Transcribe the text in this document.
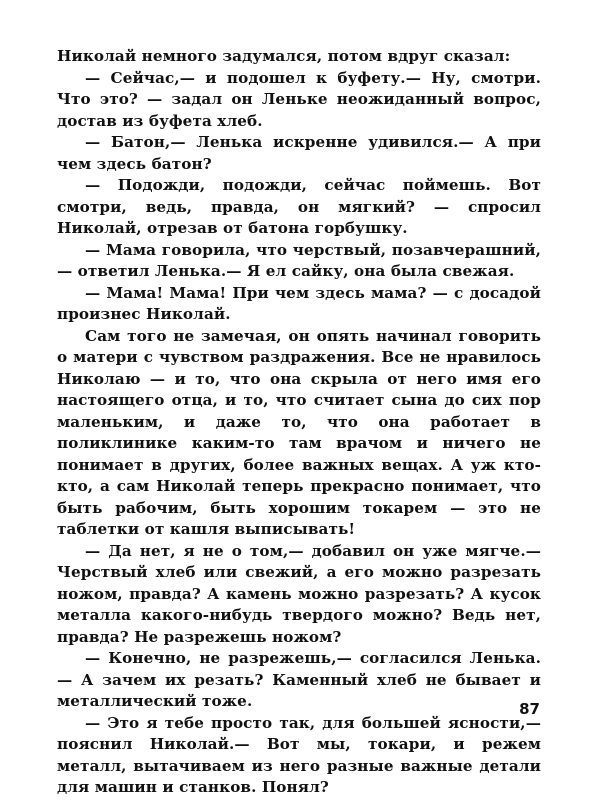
Николай немного задумался, потом вдруг сказал:

— Сейчас,— и подошел к буфету.— Ну, смотри. Что это? — задал он Леньке неожиданный вопрос, достав из буфета хлеб.

— Батон,— Ленька искренне удивился.— А при чем здесь батон?

— Подожди, подожди, сейчас поймешь. Вот смотри, ведь, правда, он мягкий? — спросил Николай, отрезав от батона горбушку.

— Мама говорила, что черствый, позавчерашний,— ответил Ленька.— Я ел сайку, она была свежая.

— Мама! Мама! При чем здесь мама? — с досадой произнес Николай.

Сам того не замечая, он опять начинал говорить о матери с чувством раздражения. Все не нравилось Николаю — и то, что она скрыла от него имя его настоящего отца, и то, что считает сына до сих пор маленьким, и даже то, что она работает в поликлинике каким-то там врачом и ничего не понимает в других, более важных вещах. А уж кто-кто, а сам Николай теперь прекрасно понимает, что быть рабочим, быть хорошим токарем — это не таблетки от кашля выписывать!

— Да нет, я не о том,— добавил он уже мягче.— Черствый хлеб или свежий, а его можно разрезать ножом, правда? А камень можно разрезать? А кусок металла какого-нибудь твердого можно? Ведь нет, правда? Не разрежешь ножом?

— Конечно, не разрежешь,— согласился Ленька.— А зачем их резать? Каменный хлеб не бывает и металлический тоже.

— Это я тебе просто так, для большей ясности,— пояснил Николай.— Вот мы, токари, и режем металл, вытачиваем из него разные важные детали для машин и станков. Понял?

87
